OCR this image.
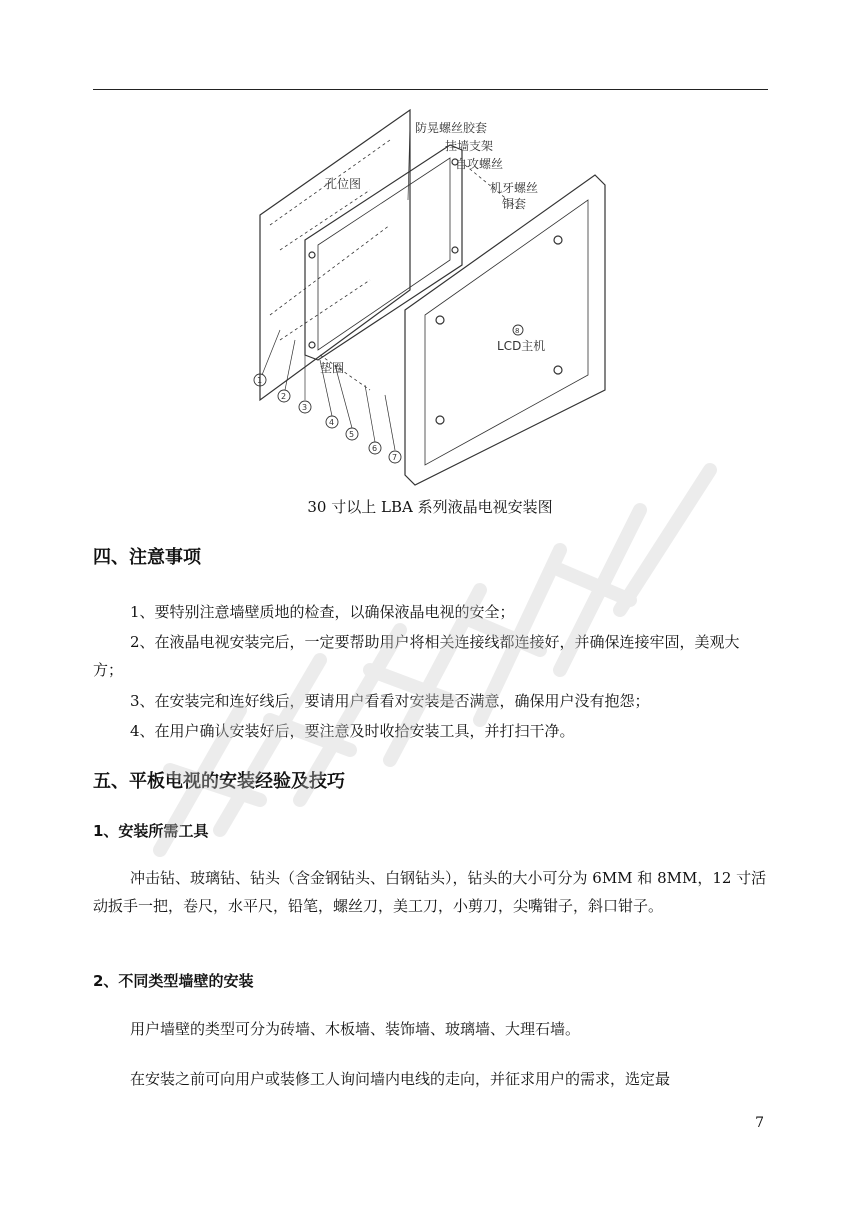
防晃螺丝胶套
挂墙支架
自攻螺丝
孔位图	机牙螺丝
铜套
垫圈
LCD主机
8
1
2
3
4
5
6
7
30 寸以上 LBA 系列液晶电视安装图
四、注意事项
1、要特别注意墙壁质地的检查，以确保液晶电视的安全；
2、在液晶电视安装完后，一定要帮助用户将相关连接线都连接好，并确保连接牢固，美观大方；
3、在安装完和连好线后，要请用户看看对安装是否满意，确保用户没有抱怨；
4、在用户确认安装好后，要注意及时收拾安装工具，并打扫干净。
五、平板电视的安装经验及技巧
1、安装所需工具
冲击钻、玻璃钻、钻头（含金钢钻头、白钢钻头），钻头的大小可分为 6MM 和 8MM，12 寸活动扳手一把，卷尺，水平尺，铅笔，螺丝刀，美工刀，小剪刀，尖嘴钳子，斜口钳子。
2、不同类型墙壁的安装
用户墙壁的类型可分为砖墙、木板墙、装饰墙、玻璃墙、大理石墙。
在安装之前可向用户或装修工人询问墙内电线的走向，并征求用户的需求，选定最
7
